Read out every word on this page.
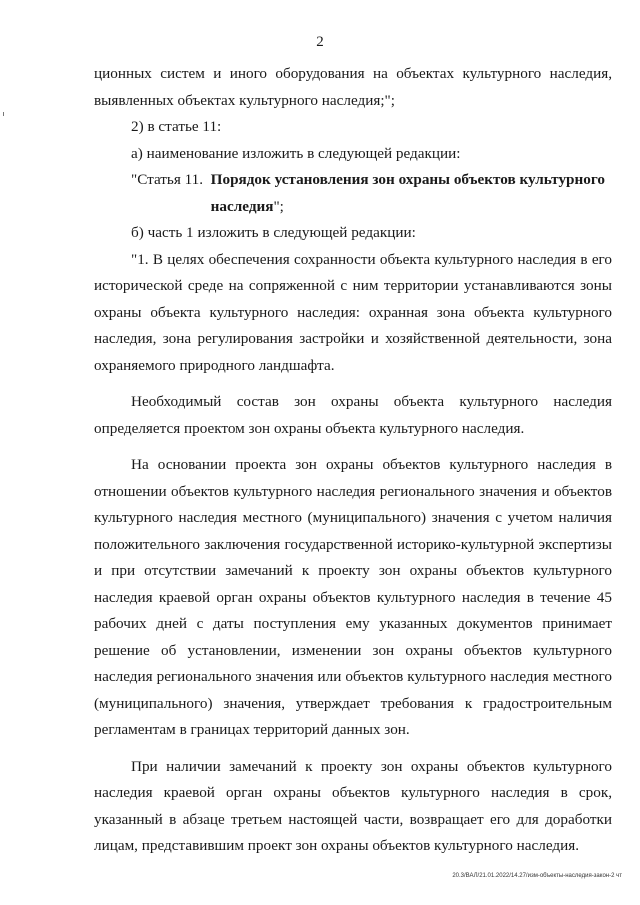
2

ционных систем и иного оборудования на объектах культурного наследия, выявленных объектах культурного наследия;";

2) в статье 11:

а) наименование изложить в следующей редакции:

"Статья 11. Порядок установления зон охраны объектов культурного наследия";

б) часть 1 изложить в следующей редакции:

"1. В целях обеспечения сохранности объекта культурного наследия в его исторической среде на сопряженной с ним территории устанавливаются зоны охраны объекта культурного наследия: охранная зона объекта культурного наследия, зона регулирования застройки и хозяйственной деятельности, зона охраняемого природного ландшафта.

Необходимый состав зон охраны объекта культурного наследия определяется проектом зон охраны объекта культурного наследия.

На основании проекта зон охраны объектов культурного наследия в отношении объектов культурного наследия регионального значения и объектов культурного наследия местного (муниципального) значения с учетом наличия положительного заключения государственной историко-культурной экспертизы и при отсутствии замечаний к проекту зон охраны объектов культурного наследия краевой орган охраны объектов культурного наследия в течение 45 рабочих дней с даты поступления ему указанных документов принимает решение об установлении, изменении зон охраны объектов культурного наследия регионального значения или объектов культурного наследия местного (муниципального) значения, утверждает требования к градостроительным регламентам в границах территорий данных зон.

При наличии замечаний к проекту зон охраны объектов культурного наследия краевой орган охраны объектов культурного наследия в срок, указанный в абзаце третьем настоящей части, возвращает его для доработки лицам, представившим проект зон охраны объектов культурного наследия.

20.3/ВАЛ/21.01.2022/14.27/изм-объекты-наследия-закон-2 чт
